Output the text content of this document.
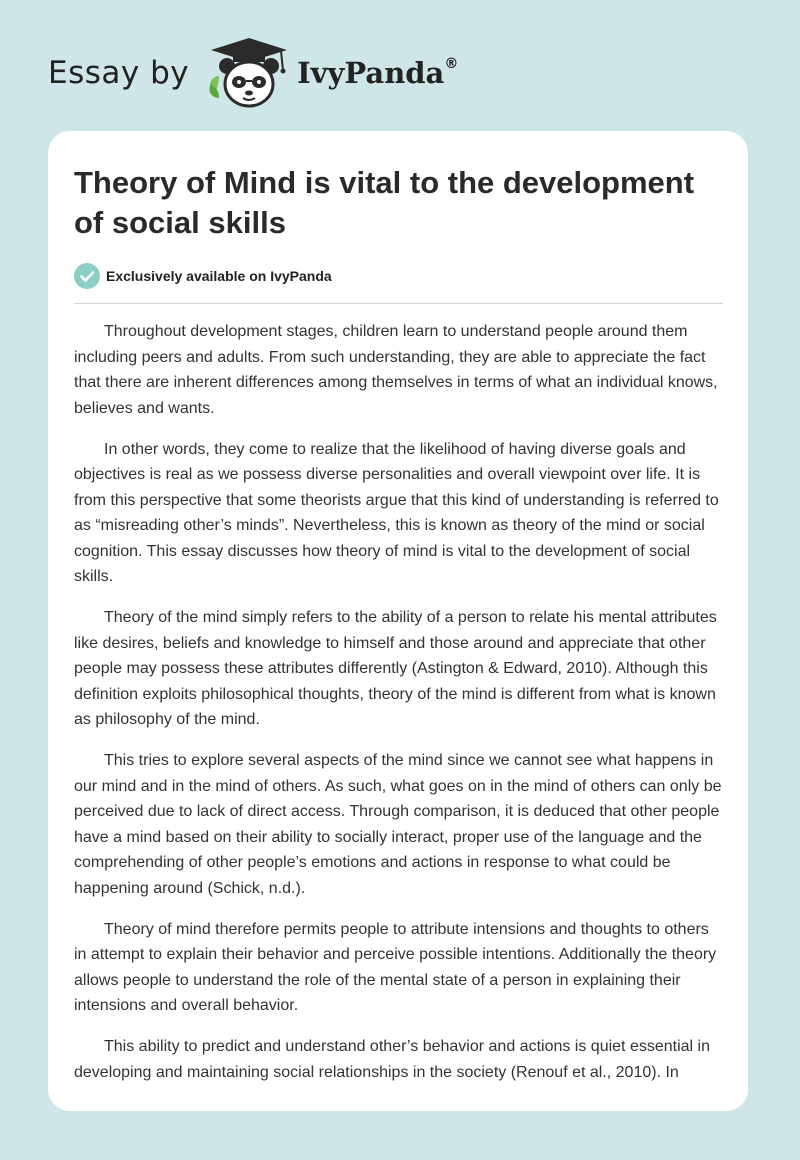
Essay by	IvyPanda®
Theory of Mind is vital to the development of social skills
Exclusively available on IvyPanda

Throughout development stages, children learn to understand people around them including peers and adults. From such understanding, they are able to appreciate the fact that there are inherent differences among themselves in terms of what an individual knows, believes and wants.

In other words, they come to realize that the likelihood of having diverse goals and objectives is real as we possess diverse personalities and overall viewpoint over life. It is from this perspective that some theorists argue that this kind of understanding is referred to as “misreading other’s minds”. Nevertheless, this is known as theory of the mind or social cognition. This essay discusses how theory of mind is vital to the development of social skills.

Theory of the mind simply refers to the ability of a person to relate his mental attributes like desires, beliefs and knowledge to himself and those around and appreciate that other people may possess these attributes differently (Astington & Edward, 2010). Although this definition exploits philosophical thoughts, theory of the mind is different from what is known as philosophy of the mind.

This tries to explore several aspects of the mind since we cannot see what happens in our mind and in the mind of others. As such, what goes on in the mind of others can only be perceived due to lack of direct access. Through comparison, it is deduced that other people have a mind based on their ability to socially interact, proper use of the language and the comprehending of other people’s emotions and actions in response to what could be happening around (Schick, n.d.).

Theory of mind therefore permits people to attribute intensions and thoughts to others in attempt to explain their behavior and perceive possible intentions. Additionally the theory allows people to understand the role of the mental state of a person in explaining their intensions and overall behavior.

This ability to predict and understand other’s behavior and actions is quiet essential in developing and maintaining social relationships in the society (Renouf et al., 2010). In
